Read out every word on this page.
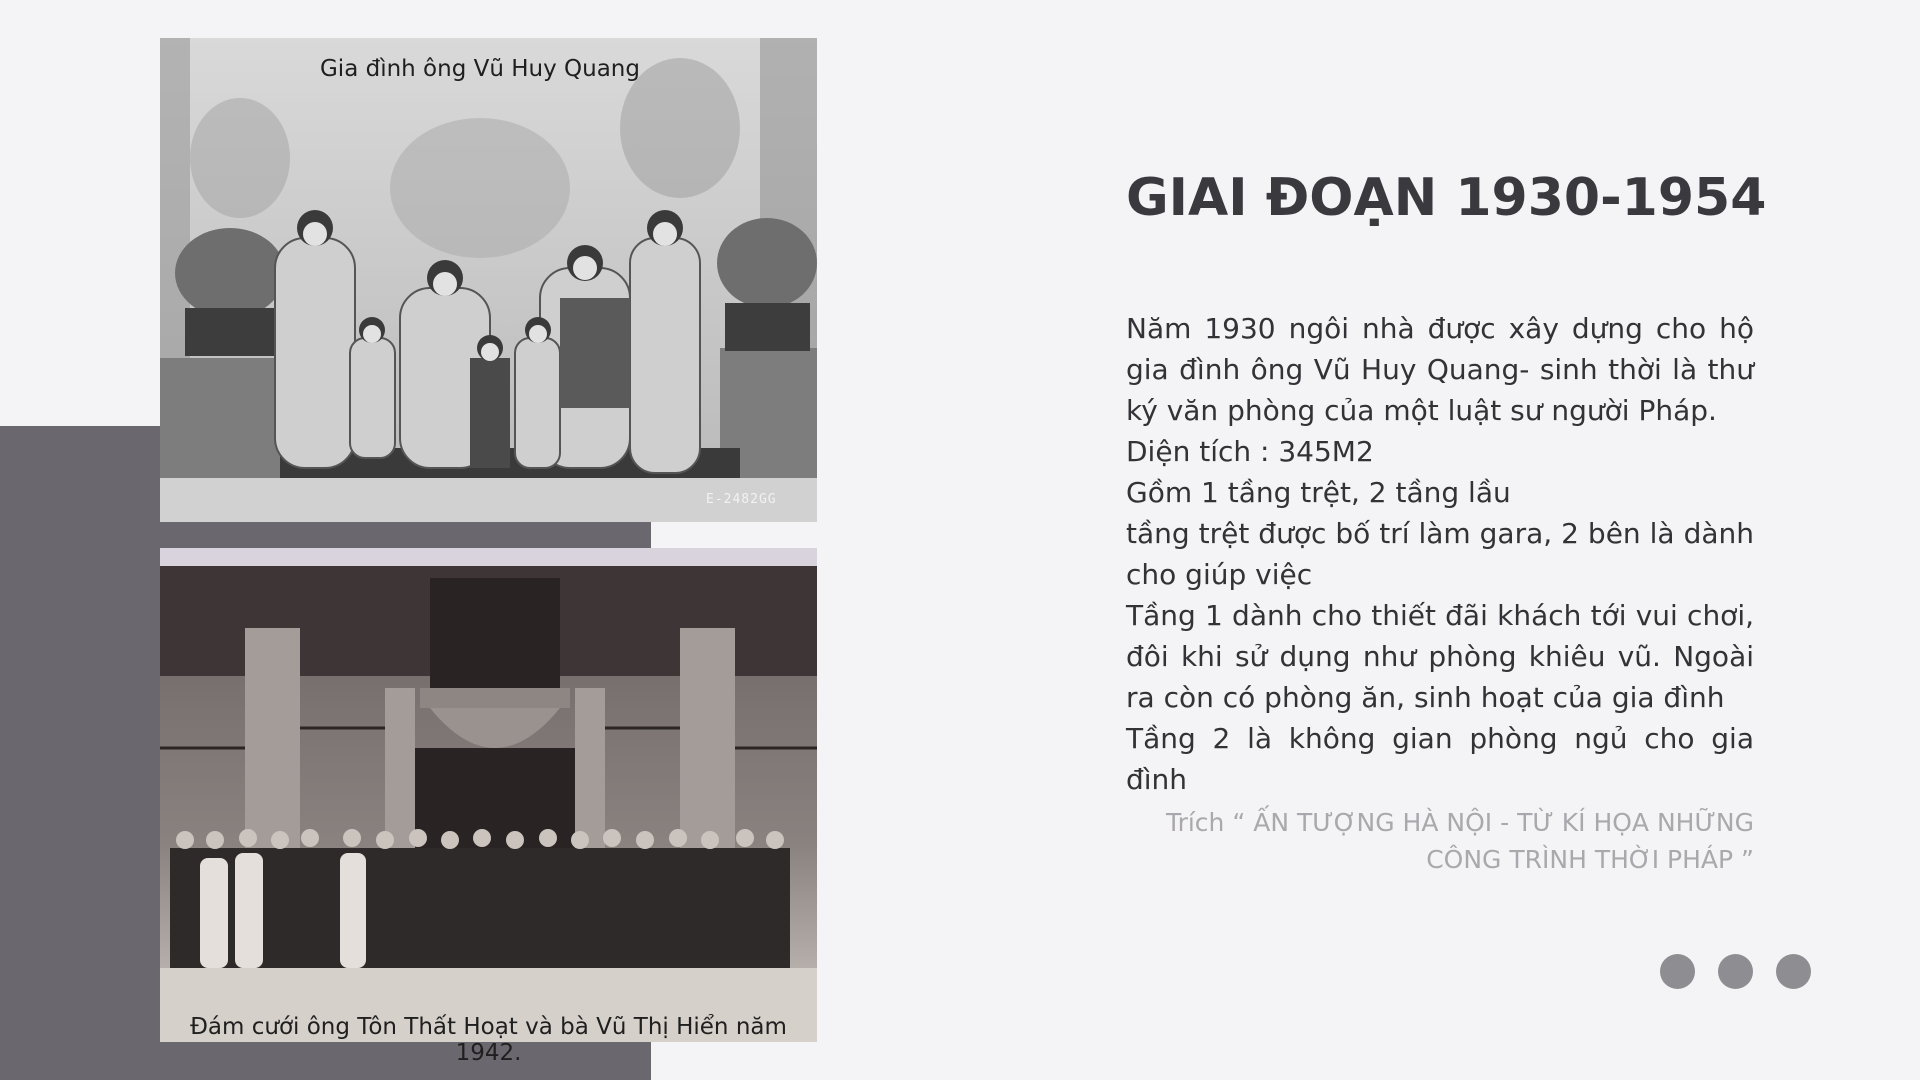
Gia đình ông Vũ Huy Quang
E-2482GG
Đám cưới ông Tôn Thất Hoạt và bà Vũ Thị Hiển năm 1942.
GIAI ĐOẠN 1930-1954
Năm 1930 ngôi nhà được xây dựng cho hộ gia đình ông Vũ Huy Quang- sinh thời là thư ký văn phòng của một luật sư người Pháp.
Diện tích : 345M2
Gồm 1 tầng trệt, 2 tầng lầu
tầng trệt được bố trí làm gara, 2 bên là dành cho giúp việc
Tầng 1 dành cho thiết đãi khách tới vui chơi, đôi khi sử dụng như phòng khiêu vũ. Ngoài ra còn có phòng ăn, sinh hoạt của gia đình
Tầng 2 là không gian phòng ngủ cho gia đình
Trích “ ẤN TƯỢNG HÀ NỘI - TỪ KÍ HỌA NHỮNG CÔNG TRÌNH THỜI PHÁP ”
